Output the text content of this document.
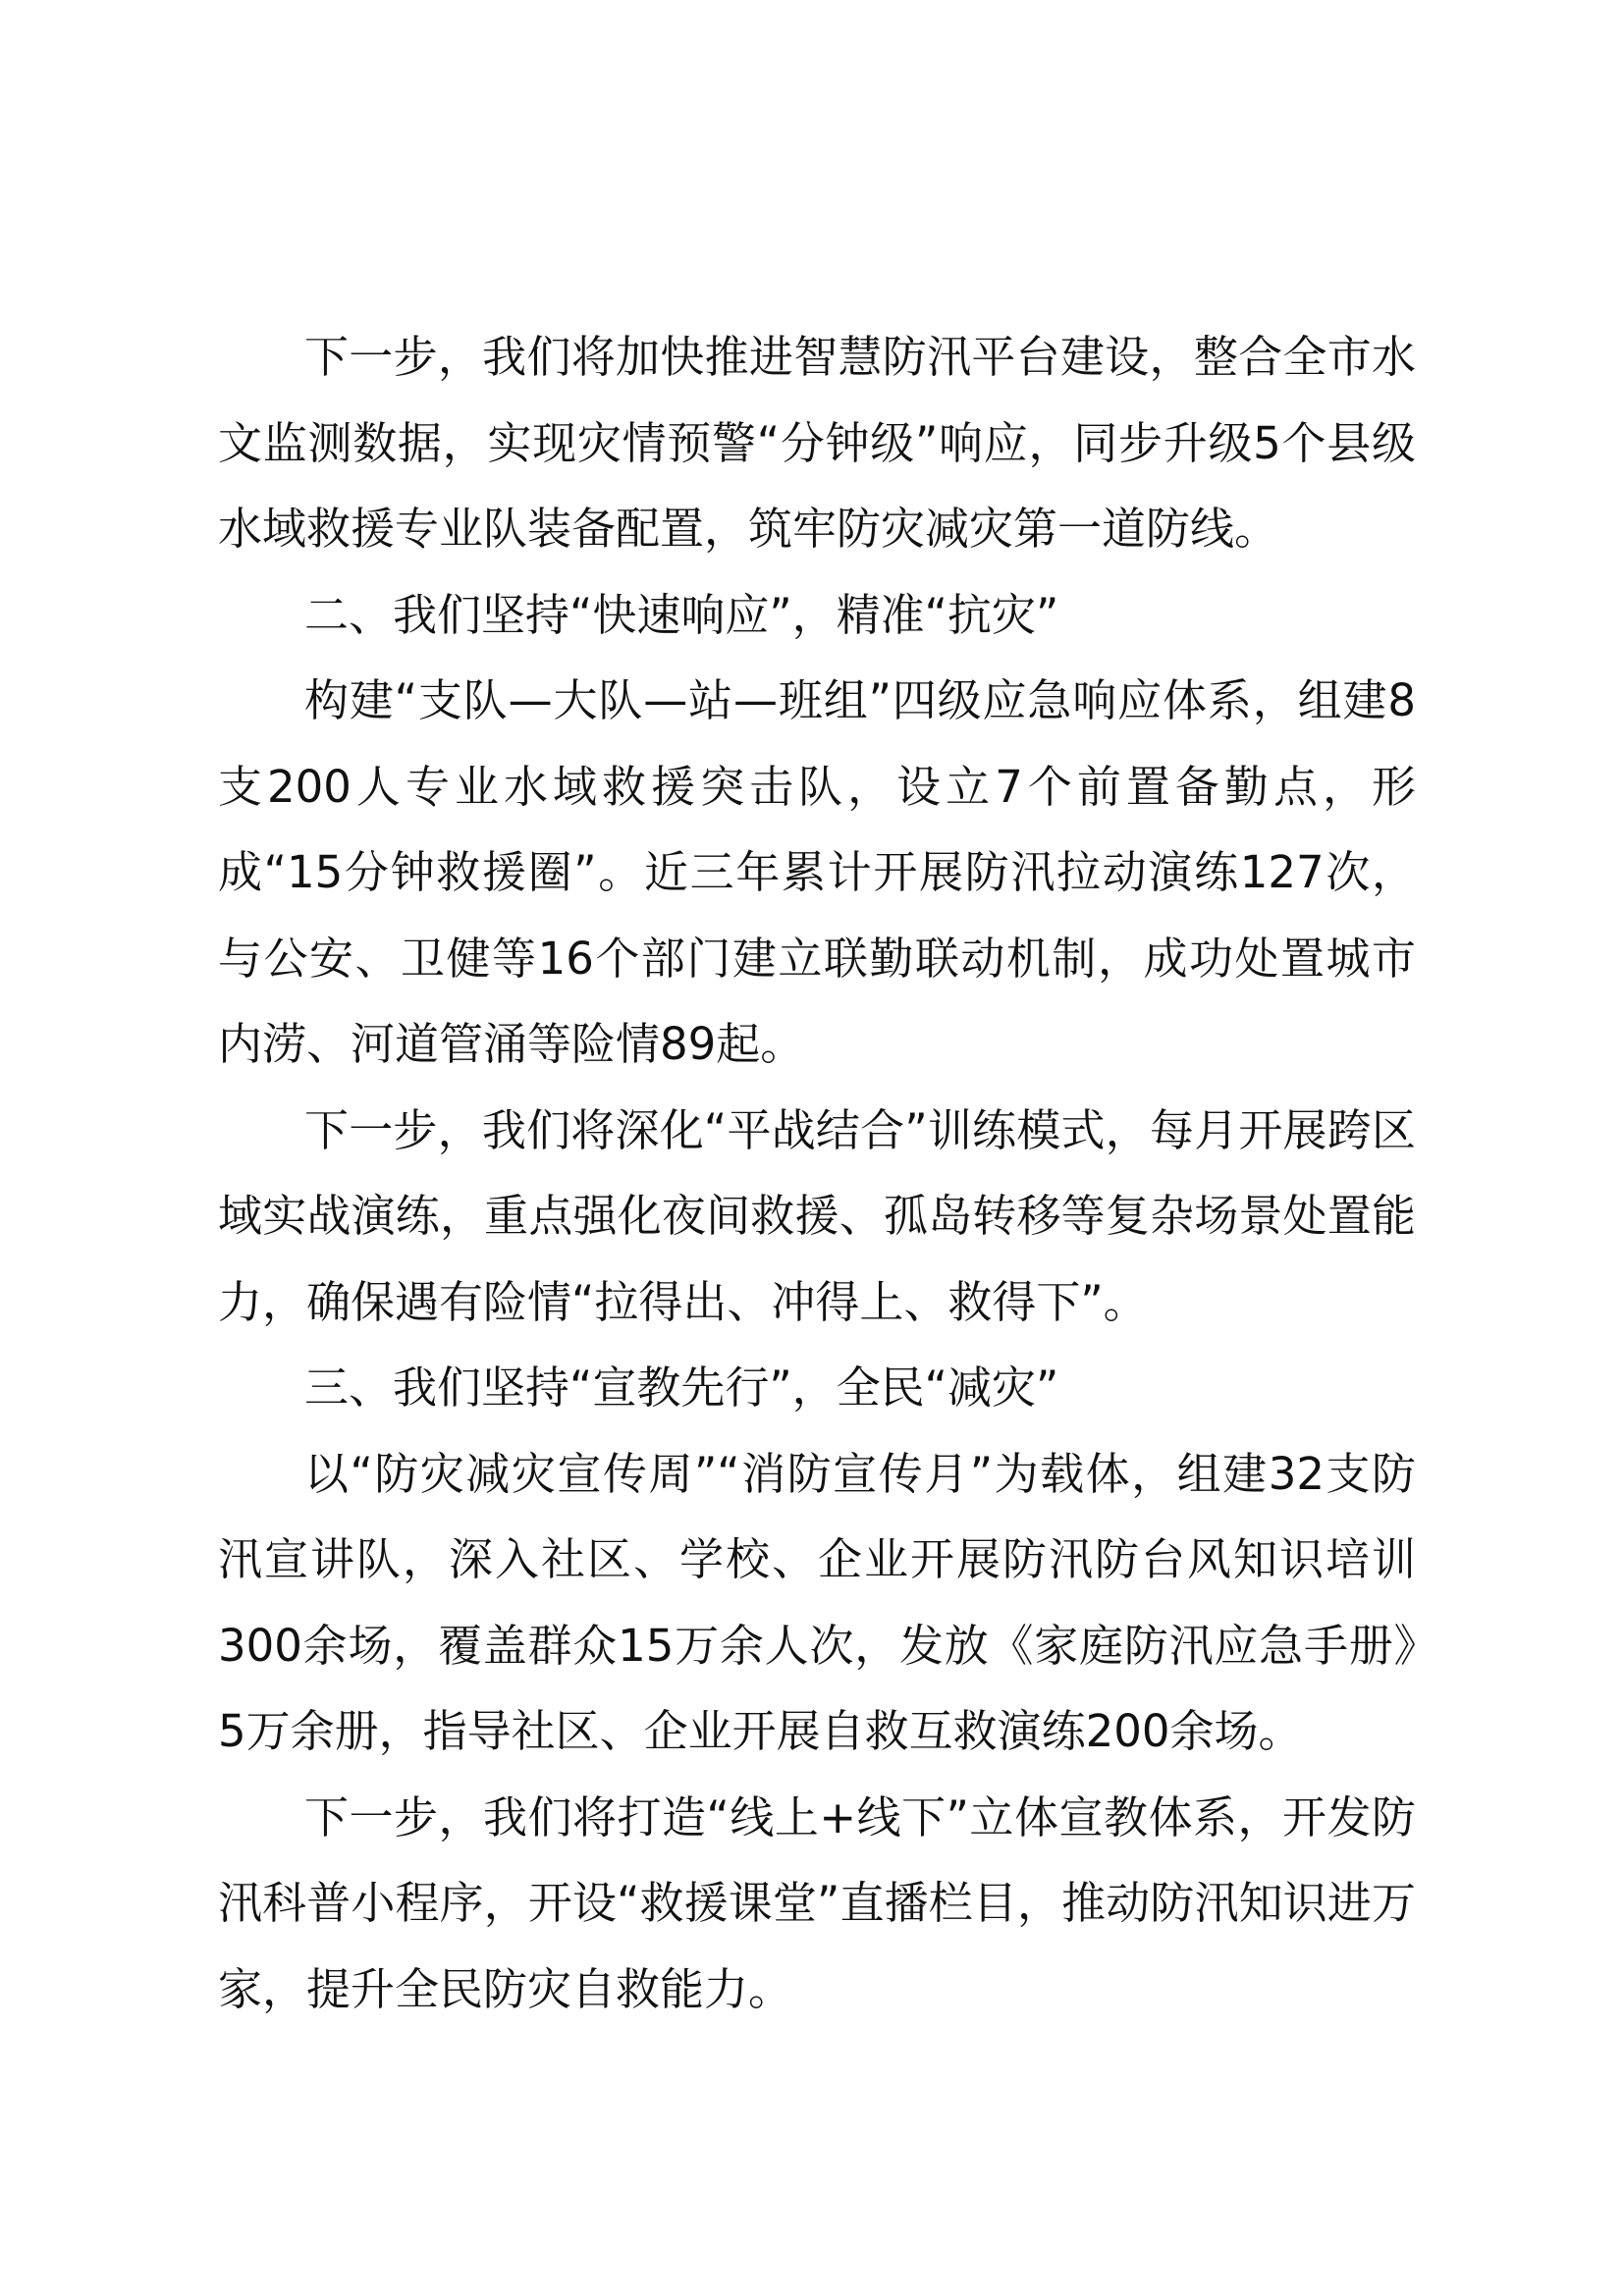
下一步，我们将加快推进智慧防汛平台建设，整合全市水文监测数据，实现灾情预警“分钟级”响应，同步升级5个县级水域救援专业队装备配置，筑牢防灾减灾第一道防线。

二、我们坚持“快速响应”，精准“抗灾”

构建“支队—大队—站—班组”四级应急响应体系，组建8支200人专业水域救援突击队，设立7个前置备勤点，形成“15分钟救援圈”。近三年累计开展防汛拉动演练127次，与公安、卫健等16个部门建立联勤联动机制，成功处置城市内涝、河道管涌等险情89起。

下一步，我们将深化“平战结合”训练模式，每月开展跨区域实战演练，重点强化夜间救援、孤岛转移等复杂场景处置能力，确保遇有险情“拉得出、冲得上、救得下”。

三、我们坚持“宣教先行”，全民“减灾”

以“防灾减灾宣传周”“消防宣传月”为载体，组建32支防汛宣讲队，深入社区、学校、企业开展防汛防台风知识培训300余场，覆盖群众15万余人次，发放《家庭防汛应急手册》5万余册，指导社区、企业开展自救互救演练200余场。

下一步，我们将打造“线上+线下”立体宣教体系，开发防汛科普小程序，开设“救援课堂”直播栏目，推动防汛知识进万家，提升全民防灾自救能力。
